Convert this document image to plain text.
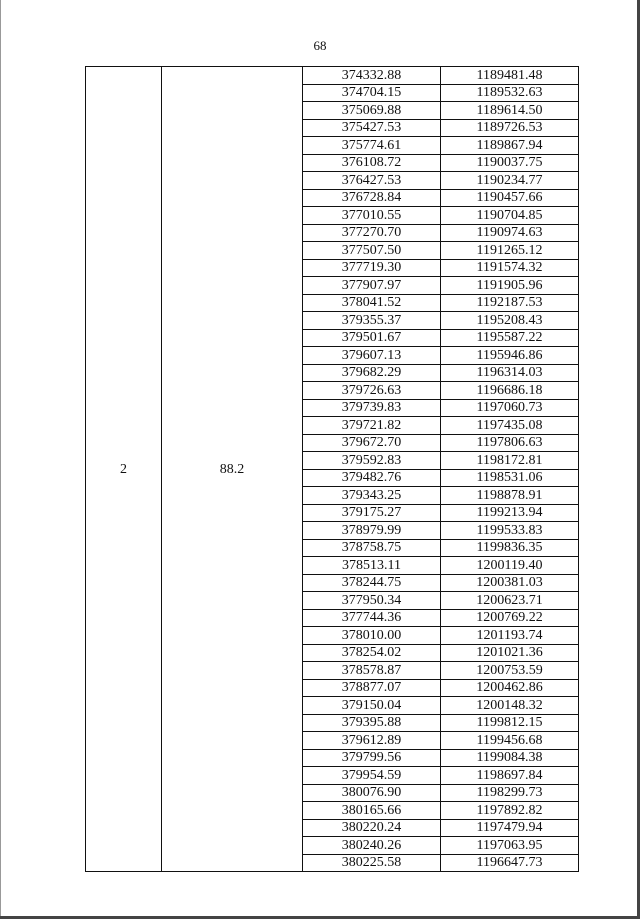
68
2	88.2	374332.88	1189481.48
		374704.15	1189532.63
		375069.88	1189614.50
		375427.53	1189726.53
		375774.61	1189867.94
		376108.72	1190037.75
		376427.53	1190234.77
		376728.84	1190457.66
		377010.55	1190704.85
		377270.70	1190974.63
		377507.50	1191265.12
		377719.30	1191574.32
		377907.97	1191905.96
		378041.52	1192187.53
		379355.37	1195208.43
		379501.67	1195587.22
		379607.13	1195946.86
		379682.29	1196314.03
		379726.63	1196686.18
		379739.83	1197060.73
		379721.82	1197435.08
		379672.70	1197806.63
		379592.83	1198172.81
		379482.76	1198531.06
		379343.25	1198878.91
		379175.27	1199213.94
		378979.99	1199533.83
		378758.75	1199836.35
		378513.11	1200119.40
		378244.75	1200381.03
		377950.34	1200623.71
		377744.36	1200769.22
		378010.00	1201193.74
		378254.02	1201021.36
		378578.87	1200753.59
		378877.07	1200462.86
		379150.04	1200148.32
		379395.88	1199812.15
		379612.89	1199456.68
		379799.56	1199084.38
		379954.59	1198697.84
		380076.90	1198299.73
		380165.66	1197892.82
		380220.24	1197479.94
		380240.26	1197063.95
		380225.58	1196647.73
